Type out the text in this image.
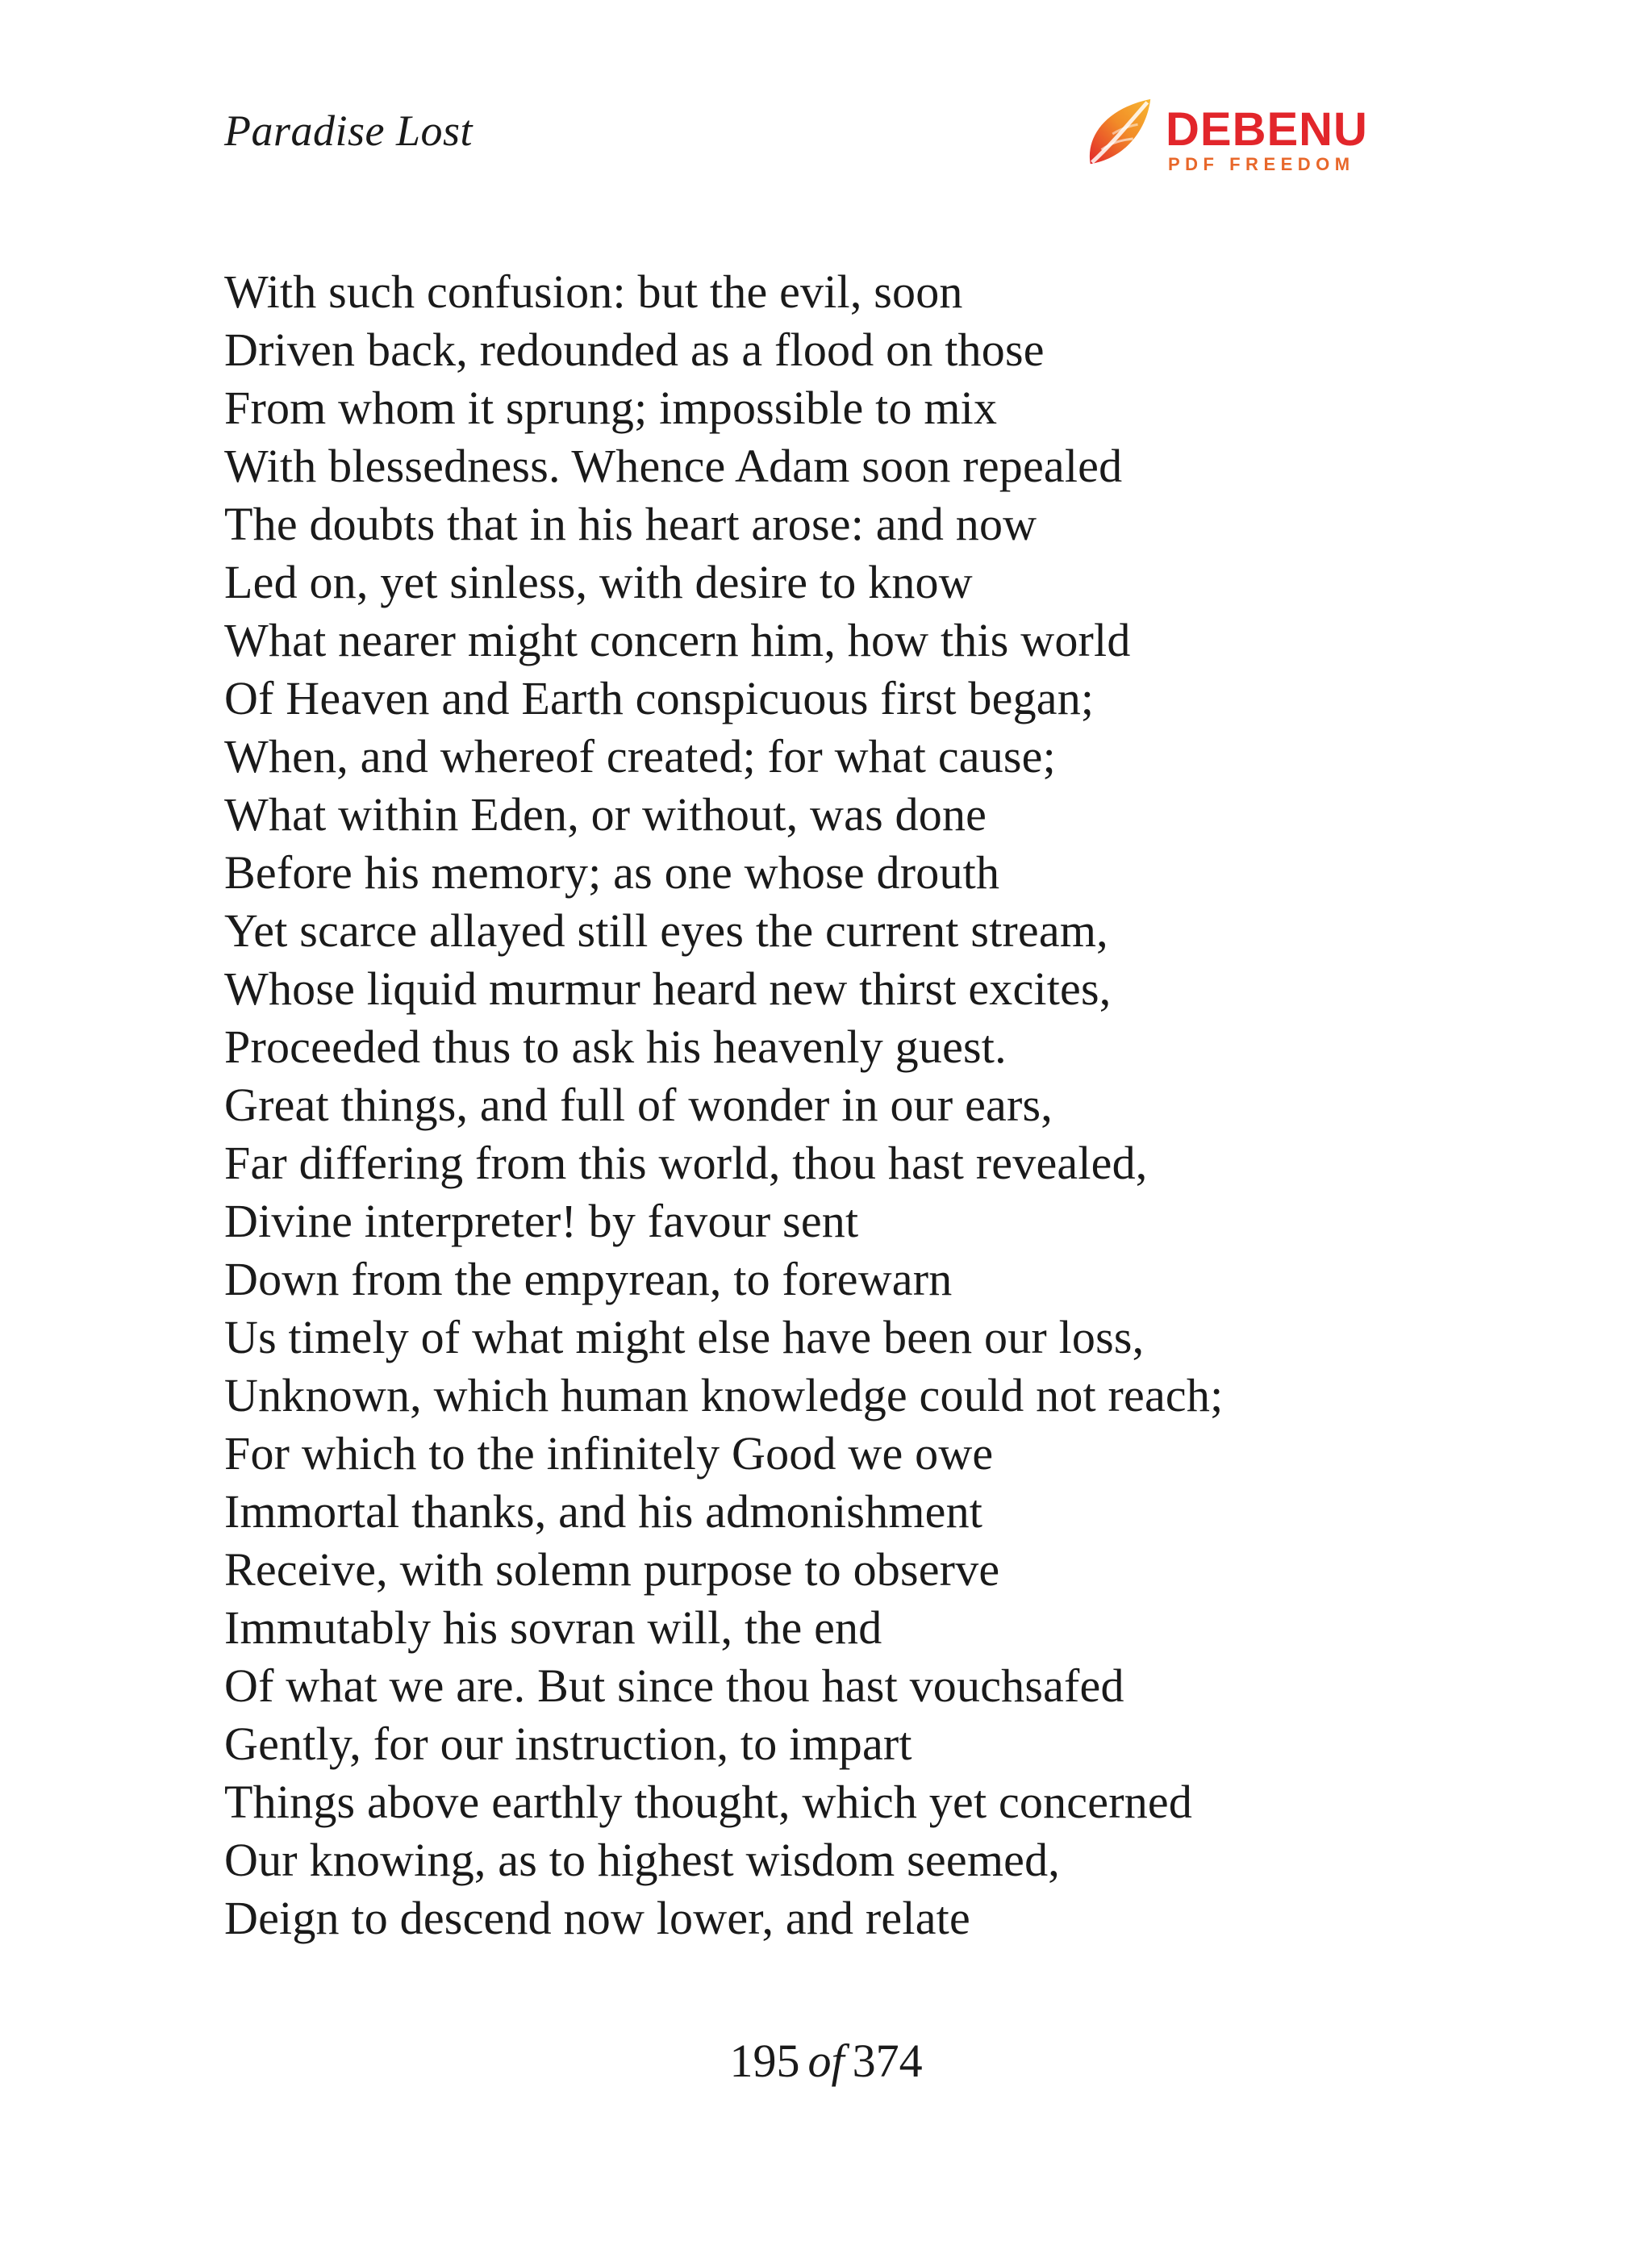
Paradise Lost	DEBENU
PDF FREEDOM
With such confusion: but the evil, soon
Driven back, redounded as a flood on those
From whom it sprung; impossible to mix
With blessedness. Whence Adam soon repealed
The doubts that in his heart arose: and now
Led on, yet sinless, with desire to know
What nearer might concern him, how this world
Of Heaven and Earth conspicuous first began;
When, and whereof created; for what cause;
What within Eden, or without, was done
Before his memory; as one whose drouth
Yet scarce allayed still eyes the current stream,
Whose liquid murmur heard new thirst excites,
Proceeded thus to ask his heavenly guest.
Great things, and full of wonder in our ears,
Far differing from this world, thou hast revealed,
Divine interpreter! by favour sent
Down from the empyrean, to forewarn
Us timely of what might else have been our loss,
Unknown, which human knowledge could not reach;
For which to the infinitely Good we owe
Immortal thanks, and his admonishment
Receive, with solemn purpose to observe
Immutably his sovran will, the end
Of what we are. But since thou hast vouchsafed
Gently, for our instruction, to impart
Things above earthly thought, which yet concerned
Our knowing, as to highest wisdom seemed,
Deign to descend now lower, and relate
195 of 374
